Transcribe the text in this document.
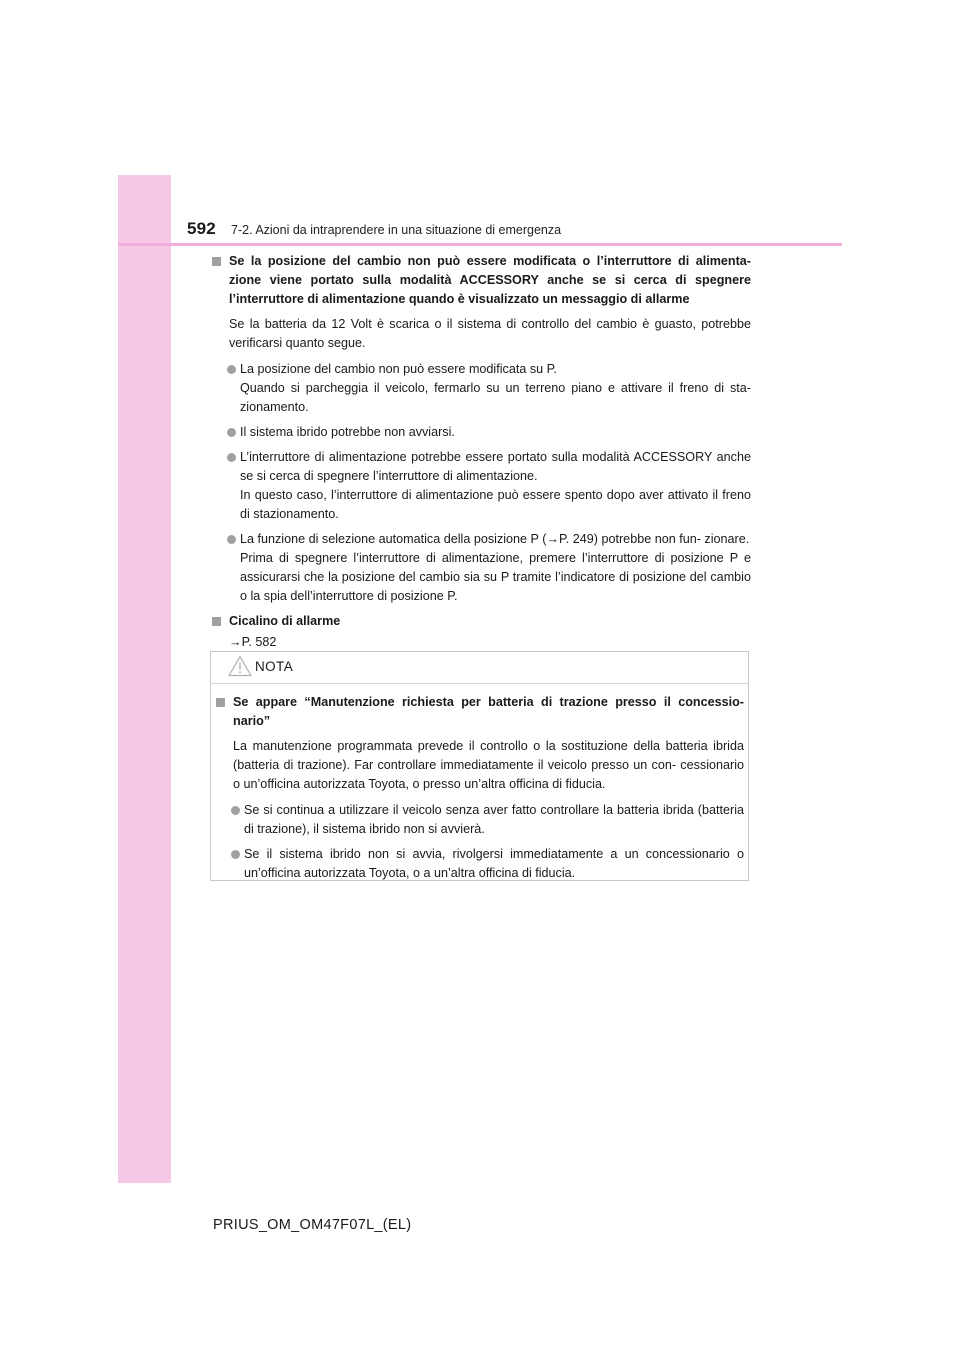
592 7-2. Azioni da intraprendere in una situazione di emergenza
Se la posizione del cambio non può essere modificata o l’interruttore di alimenta- zione viene portato sulla modalità ACCESSORY anche se si cerca di spegnere l’interruttore di alimentazione quando è visualizzato un messaggio di allarme
Se la batteria da 12 Volt è scarica o il sistema di controllo del cambio è guasto, potrebbe verificarsi quanto segue.
La posizione del cambio non può essere modificata su P.
Quando si parcheggia il veicolo, fermarlo su un terreno piano e attivare il freno di sta- zionamento.
Il sistema ibrido potrebbe non avviarsi.
L’interruttore di alimentazione potrebbe essere portato sulla modalità ACCESSORY anche se si cerca di spegnere l’interruttore di alimentazione.
In questo caso, l’interruttore di alimentazione può essere spento dopo aver attivato il freno di stazionamento.
La funzione di selezione automatica della posizione P (→P. 249) potrebbe non fun- zionare.
Prima di spegnere l’interruttore di alimentazione, premere l’interruttore di posizione P e assicurarsi che la posizione del cambio sia su P tramite l’indicatore di posizione del cambio o la spia dell’interruttore di posizione P.
Cicalino di allarme
→P. 582
NOTA
Se appare “Manutenzione richiesta per batteria di trazione presso il concessio- nario”
La manutenzione programmata prevede il controllo o la sostituzione della batteria ibrida (batteria di trazione). Far controllare immediatamente il veicolo presso un con- cessionario o un’officina autorizzata Toyota, o presso un’altra officina di fiducia.
Se si continua a utilizzare il veicolo senza aver fatto controllare la batteria ibrida (batteria di trazione), il sistema ibrido non si avvierà.
Se il sistema ibrido non si avvia, rivolgersi immediatamente a un concessionario o un’officina autorizzata Toyota, o a un’altra officina di fiducia.
PRIUS_OM_OM47F07L_(EL)
